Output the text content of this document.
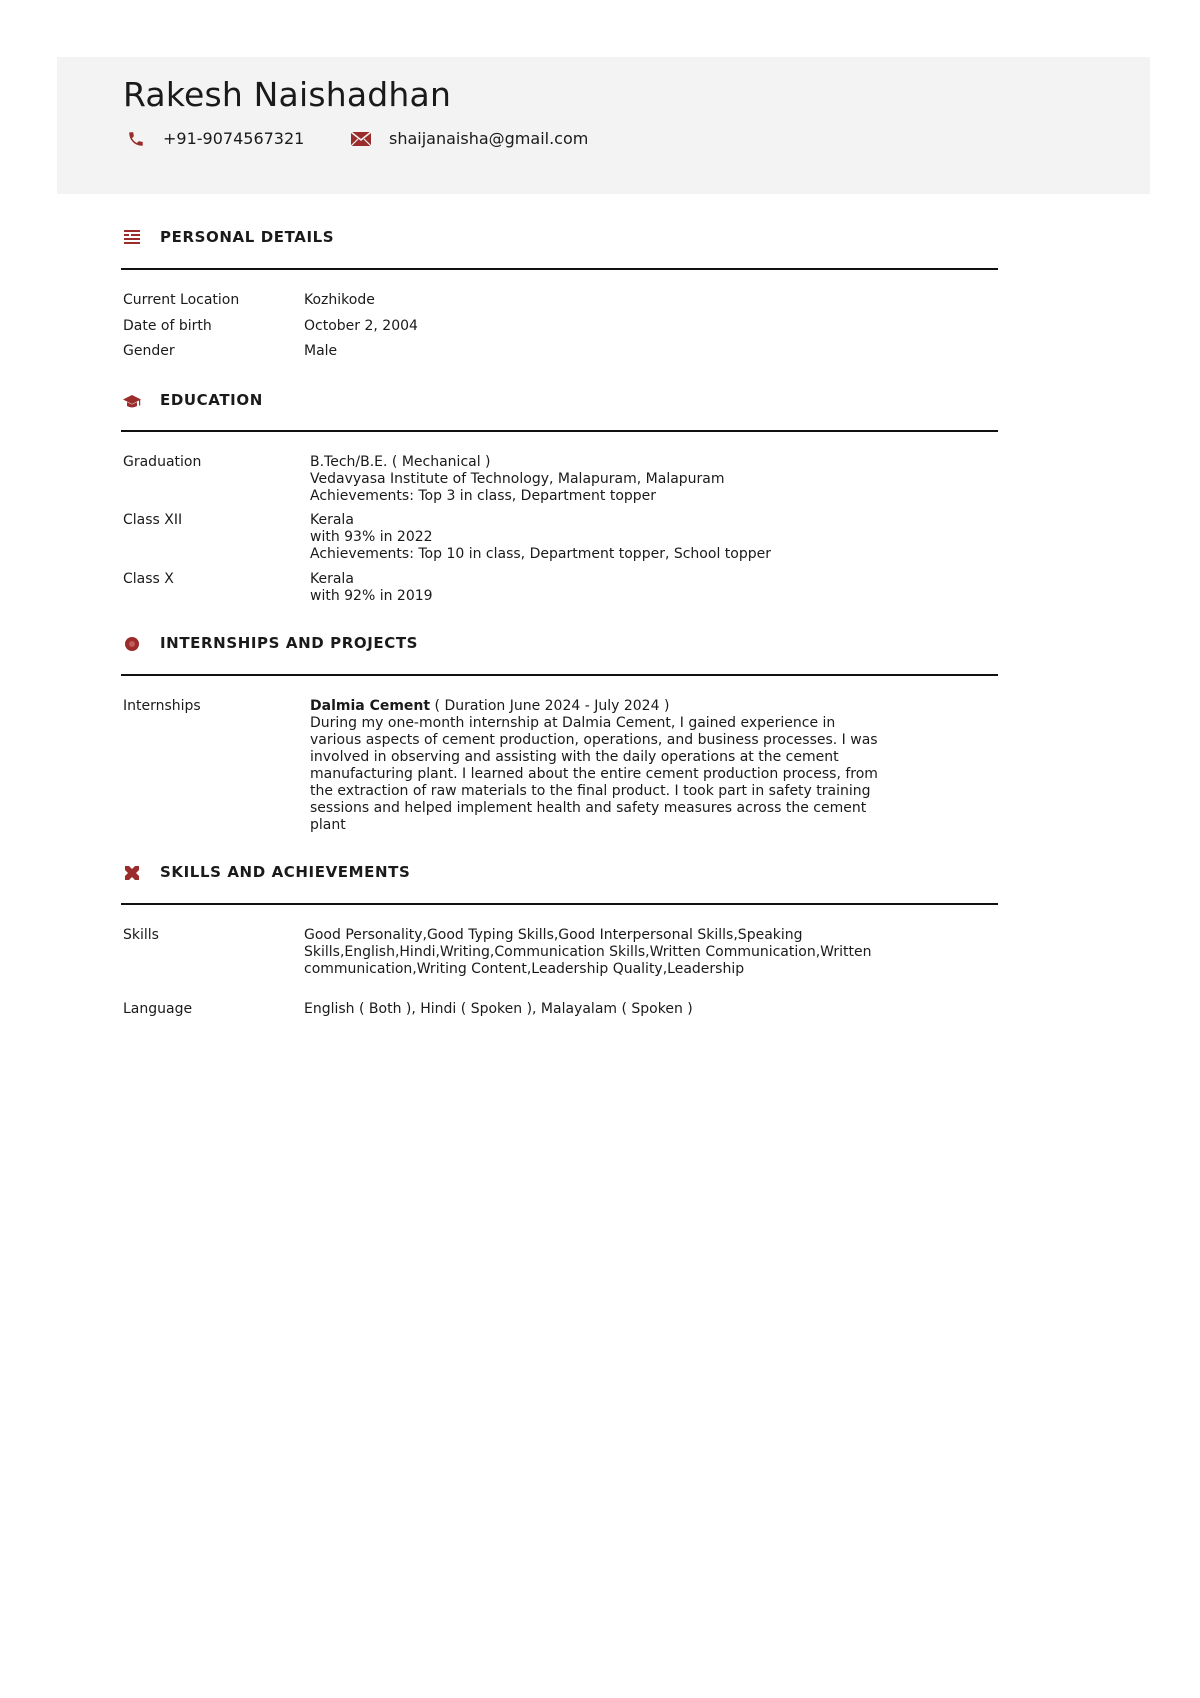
Rakesh Naishadhan
+91-9074567321	shaijanaisha@gmail.com
PERSONAL DETAILS
Current Location	Kozhikode
Date of birth	October 2, 2004
Gender	Male
EDUCATION
Graduation	B.Tech/B.E. ( Mechanical )
Vedavyasa Institute of Technology, Malapuram, Malapuram
Achievements: Top 3 in class, Department topper
Class XII	Kerala
with 93% in 2022
Achievements: Top 10 in class, Department topper, School topper
Class X	Kerala
with 92% in 2019
INTERNSHIPS AND PROJECTS
Internships	Dalmia Cement ( Duration June 2024 - July 2024 )
During my one-month internship at Dalmia Cement, I gained experience in various aspects of cement production, operations, and business processes. I was involved in observing and assisting with the daily operations at the cement manufacturing plant. I learned about the entire cement production process, from the extraction of raw materials to the final product. I took part in safety training sessions and helped implement health and safety measures across the cement plant
SKILLS AND ACHIEVEMENTS
Skills	Good Personality,Good Typing Skills,Good Interpersonal Skills,Speaking Skills,English,Hindi,Writing,Communication Skills,Written Communication,Written communication,Writing Content,Leadership Quality,Leadership
Language	English ( Both ), Hindi ( Spoken ), Malayalam ( Spoken )
